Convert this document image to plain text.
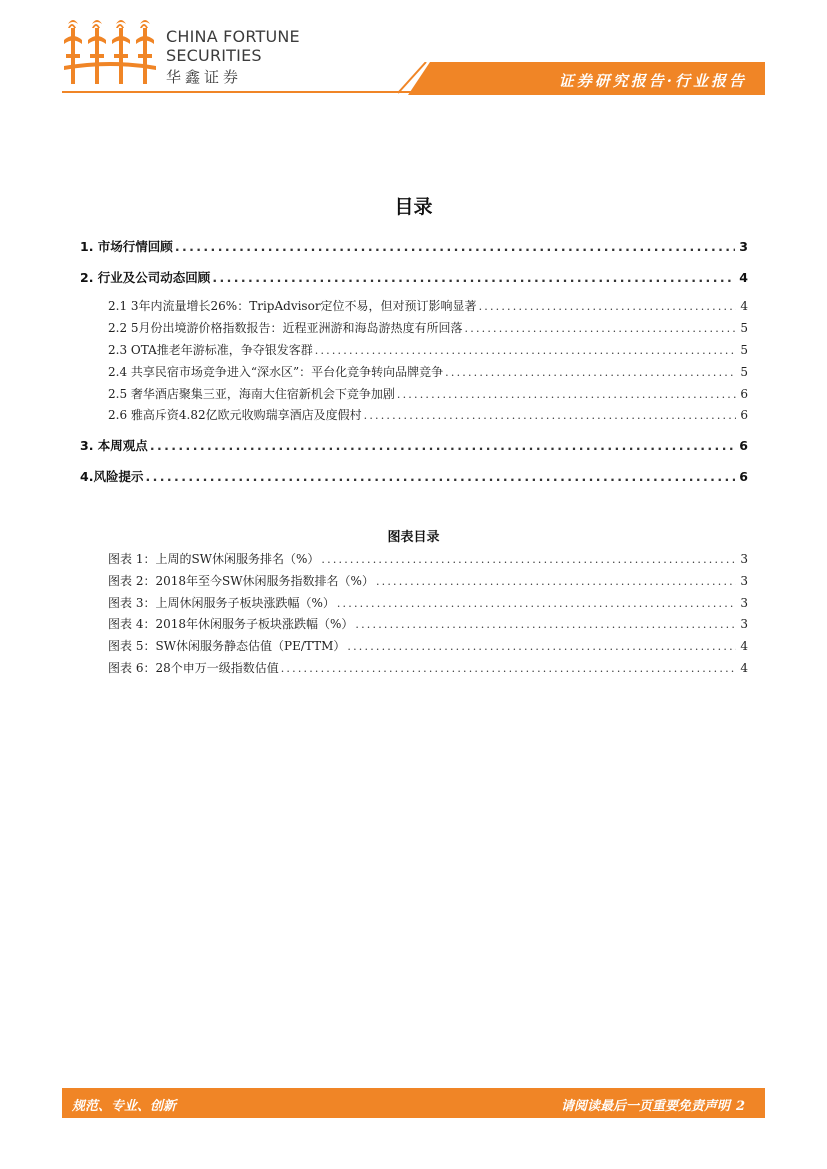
CHINA FORTUNE
SECURITIES
华鑫证券	证券研究报告·行业报告
目录
1. 市场行情回顾 .....	3
2. 行业及公司动态回顾 .....	4
2.1 3年内流量增长26%：TripAdvisor定位不易，但对预订影响显著 .....	4
2.2 5月份出境游价格指数报告：近程亚洲游和海岛游热度有所回落 .....	5
2.3 OTA推老年游标准，争夺银发客群 .....	5
2.4 共享民宿市场竞争进入“深水区”：平台化竞争转向品牌竞争 .....	5
2.5 奢华酒店聚集三亚，海南大住宿新机会下竞争加剧 .....	6
2.6 雅高斥资4.82亿欧元收购瑞享酒店及度假村 .....	6
3. 本周观点 .....	6
4.风险提示 .....	6
图表目录
图表 1：上周的SW休闲服务排名（%） .....	3
图表 2：2018年至今SW休闲服务指数排名（%） .....	3
图表 3：上周休闲服务子板块涨跌幅（%） .....	3
图表 4：2018年休闲服务子板块涨跌幅（%） .....	3
图表 5：SW休闲服务静态估值（PE/TTM） .....	4
图表 6：28个申万一级指数估值 .....	4
规范、专业、创新	请阅读最后一页重要免责声明 2
